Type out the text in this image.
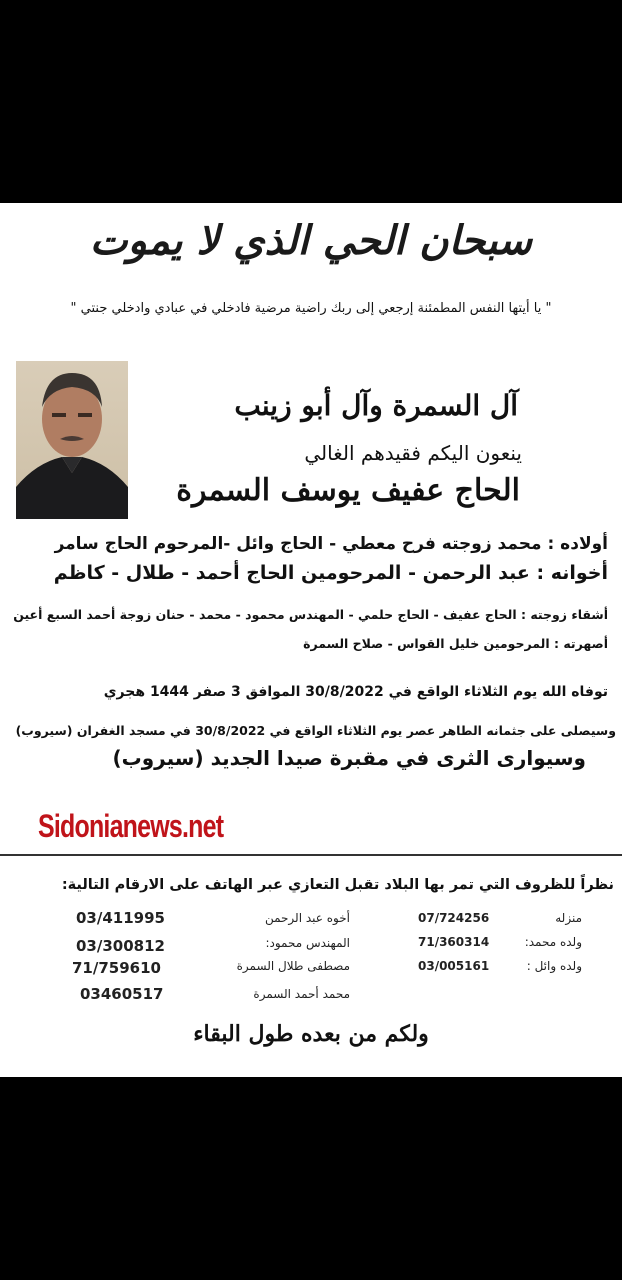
سبحان الحي الذي لا يموت
" يا أيتها النفس المطمئنة إرجعي إلى ربك راضية مرضية فادخلي في عبادي وادخلي جنتي "
آل السمرة وآل أبو زينب
ينعون اليكم فقيدهم الغالي
الحاج عفيف يوسف السمرة
أولاده : محمد زوجته فرح معطي - الحاج وائل -المرحوم الحاج سامر
أخوانه : عبد الرحمن - المرحومين الحاج أحمد - طلال - كاظم
أشقاء زوجته : الحاج عفيف - الحاج حلمي - المهندس محمود - محمد - حنان زوجة أحمد السبع أعين
أصهرته : المرحومين خليل القواس - صلاح السمرة
توفاه الله يوم الثلاثاء الواقع في 30/8/2022 الموافق 3 صفر 1444 هجري
وسيصلى على جثمانه الطاهر عصر يوم الثلاثاء الواقع في 30/8/2022 في مسجد الغفران (سيروب)
وسيوارى الثرى في مقبرة صيدا الجديد (سيروب)
Sidonianews.net
نظراً للظروف التي تمر بها البلاد تقبل التعازي عبر الهاتف على الارقام التالية:
منزله
07/724256
ولده محمد:
71/360314
ولده وائل :
03/005161
أخوه عبد الرحمن
03/411995
المهندس محمود:
03/300812
مصطفى طلال السمرة
71/759610
محمد أحمد السمرة
03460517
ولكم من بعده طول البقاء
